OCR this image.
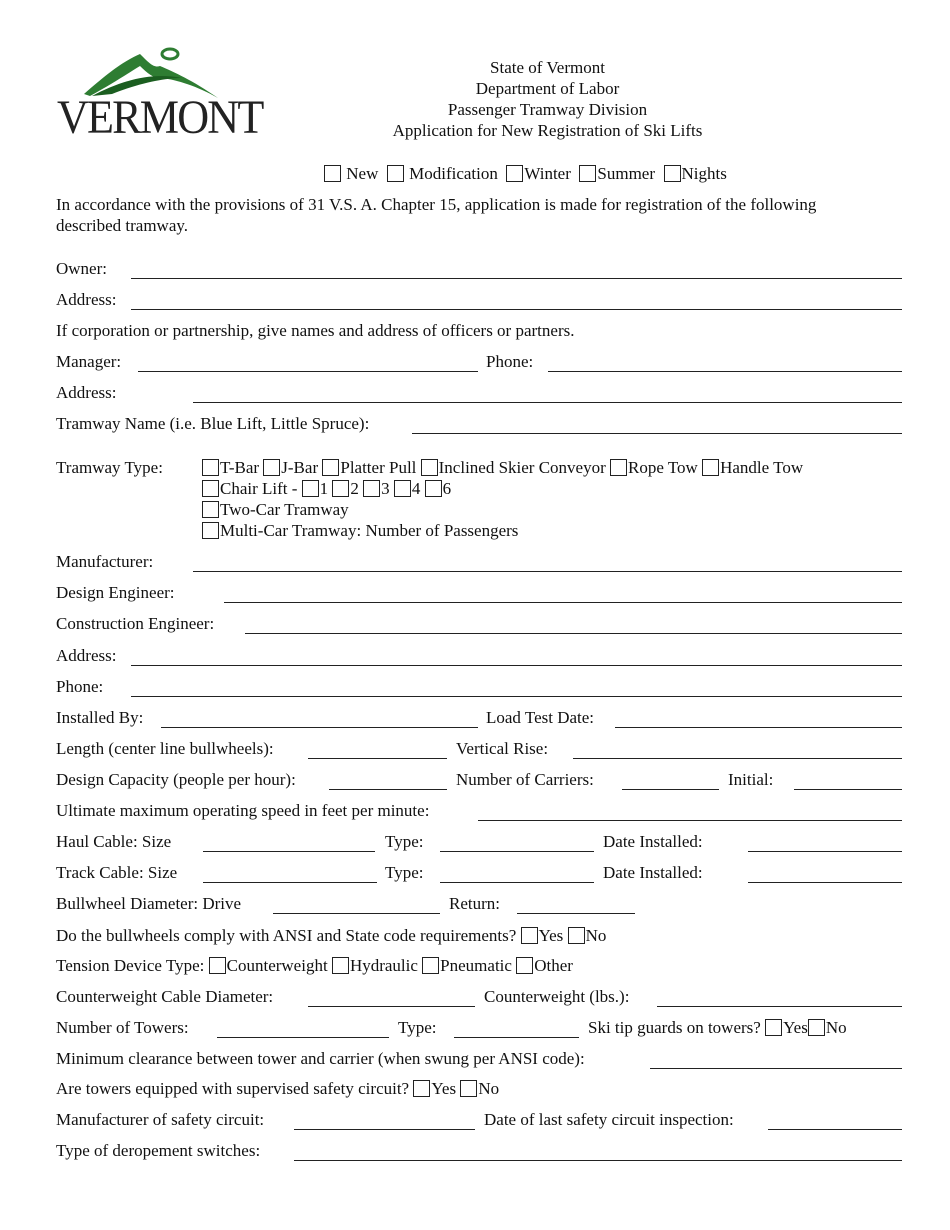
VERMONT
State of Vermont
Department of Labor
Passenger Tramway Division
Application for New Registration of Ski Lifts
New Modification Winter Summer Nights
In accordance with the provisions of 31 V.S. A. Chapter 15, application is made for registration of the following
described tramway.
Owner:
Address:
If corporation or partnership, give names and address of officers or partners.
Manager:	Phone:
Address:
Tramway Name (i.e. Blue Lift, Little Spruce):
Tramway Type:	T-Bar J-Bar Platter Pull Inclined Skier Conveyor Rope Tow Handle Tow
Chair Lift - 1 2 3 4 6
Two-Car Tramway
Multi-Car Tramway: Number of Passengers
Manufacturer:
Design Engineer:
Construction Engineer:
Address:
Phone:
Installed By:	Load Test Date:
Length (center line bullwheels):	Vertical Rise:
Design Capacity (people per hour):	Number of Carriers:	Initial:
Ultimate maximum operating speed in feet per minute:
Haul Cable: Size	Type:	Date Installed:
Track Cable: Size	Type:	Date Installed:
Bullwheel Diameter: Drive	Return:
Do the bullwheels comply with ANSI and State code requirements? Yes No
Tension Device Type: Counterweight Hydraulic Pneumatic Other
Counterweight Cable Diameter:	Counterweight (lbs.):
Number of Towers:	Type:	Ski tip guards on towers? Yes No
Minimum clearance between tower and carrier (when swung per ANSI code):
Are towers equipped with supervised safety circuit? Yes No
Manufacturer of safety circuit:	Date of last safety circuit inspection:
Type of deropement switches:
